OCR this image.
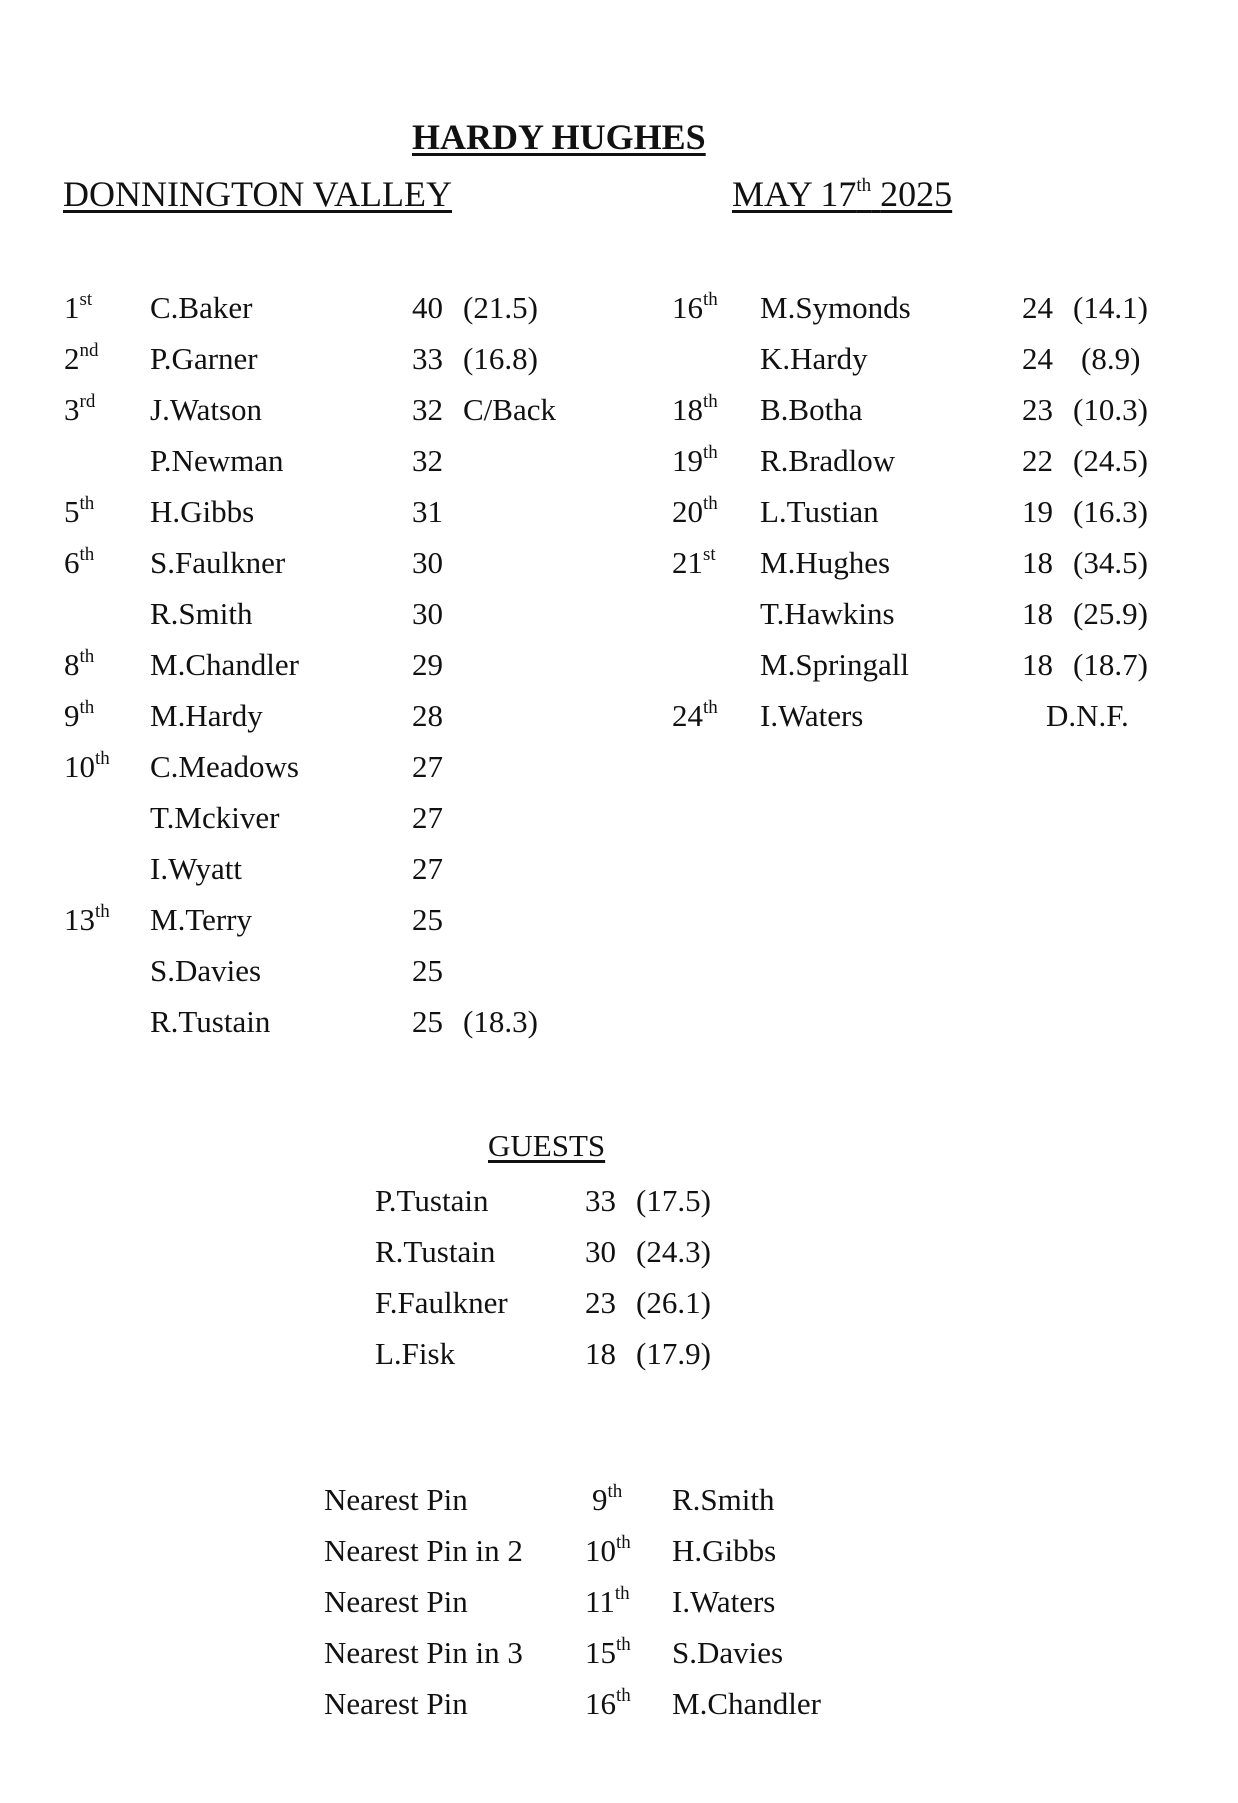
HARDY HUGHES
DONNINGTON VALLEY	MAY 17th 2025
1st C.Baker	40 (21.5)
2nd P.Garner	33 (16.8)
3rd J.Watson	32 C/Back
P.Newman	32
5th H.Gibbs	31
6th S.Faulkner	30
R.Smith	30
8th M.Chandler	29
9th M.Hardy	28
10th C.Meadows	27
T.Mckiver	27
I.Wyatt	27
13th M.Terry	25
S.Davies	25
R.Tustain	25 (18.3)
16th M.Symonds	24 (14.1)
K.Hardy	24 (8.9)
18th B.Botha	23 (10.3)
19th R.Bradlow	22 (24.5)
20th L.Tustian	19 (16.3)
21st M.Hughes	18 (34.5)
T.Hawkins	18 (25.9)
M.Springall	18 (18.7)
24th I.Waters	D.N.F.
GUESTS
P.Tustain	33 (17.5)
R.Tustain	30 (24.3)
F.Faulkner 23 (26.1)
L.Fisk	18 (17.9)
Nearest Pin	9th R.Smith
Nearest Pin in 2 10th H.Gibbs
Nearest Pin	11th I.Waters
Nearest Pin in 3 15th S.Davies
Nearest Pin	16th M.Chandler
